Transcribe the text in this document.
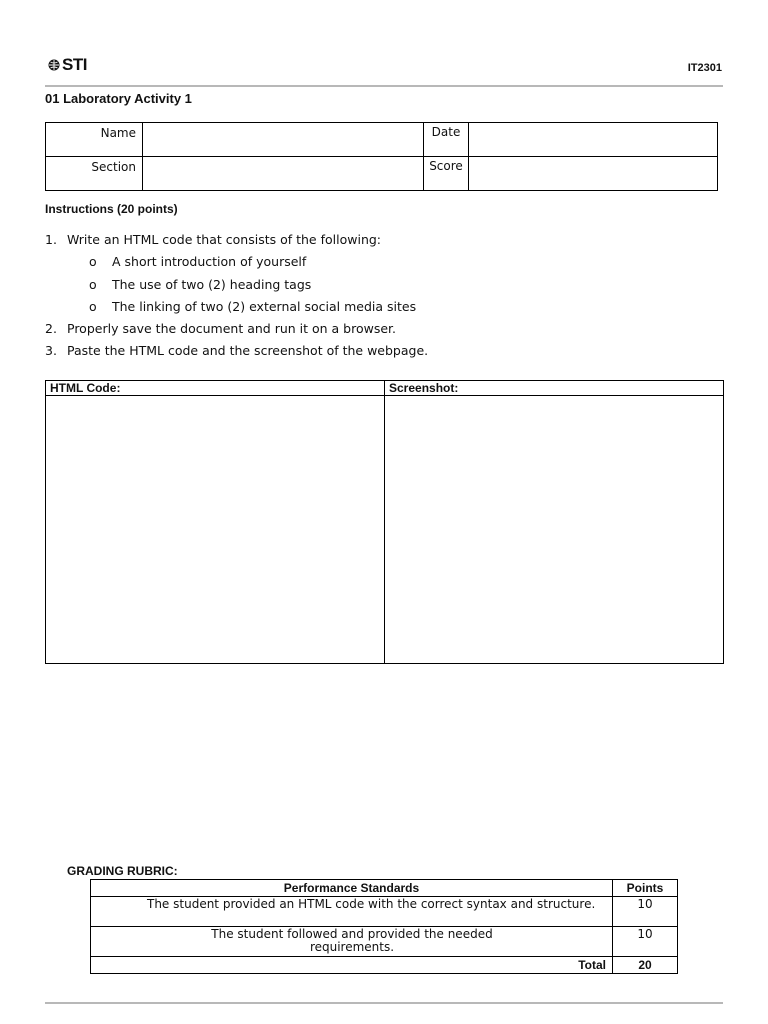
STI	IT2301
01 Laboratory Activity 1
Name		Date	
Section		Score	
Instructions (20 points)
1. Write an HTML code that consists of the following:
o	A short introduction of yourself
o	The use of two (2) heading tags
o	The linking of two (2) external social media sites
2. Properly save the document and run it on a browser.
3. Paste the HTML code and the screenshot of the webpage.
HTML Code:	Screenshot:

GRADING RUBRIC:
Performance Standards	Points
The student provided an HTML code with the correct syntax and structure.	10

The student followed and provided the needed requirements.	10
Total	20
